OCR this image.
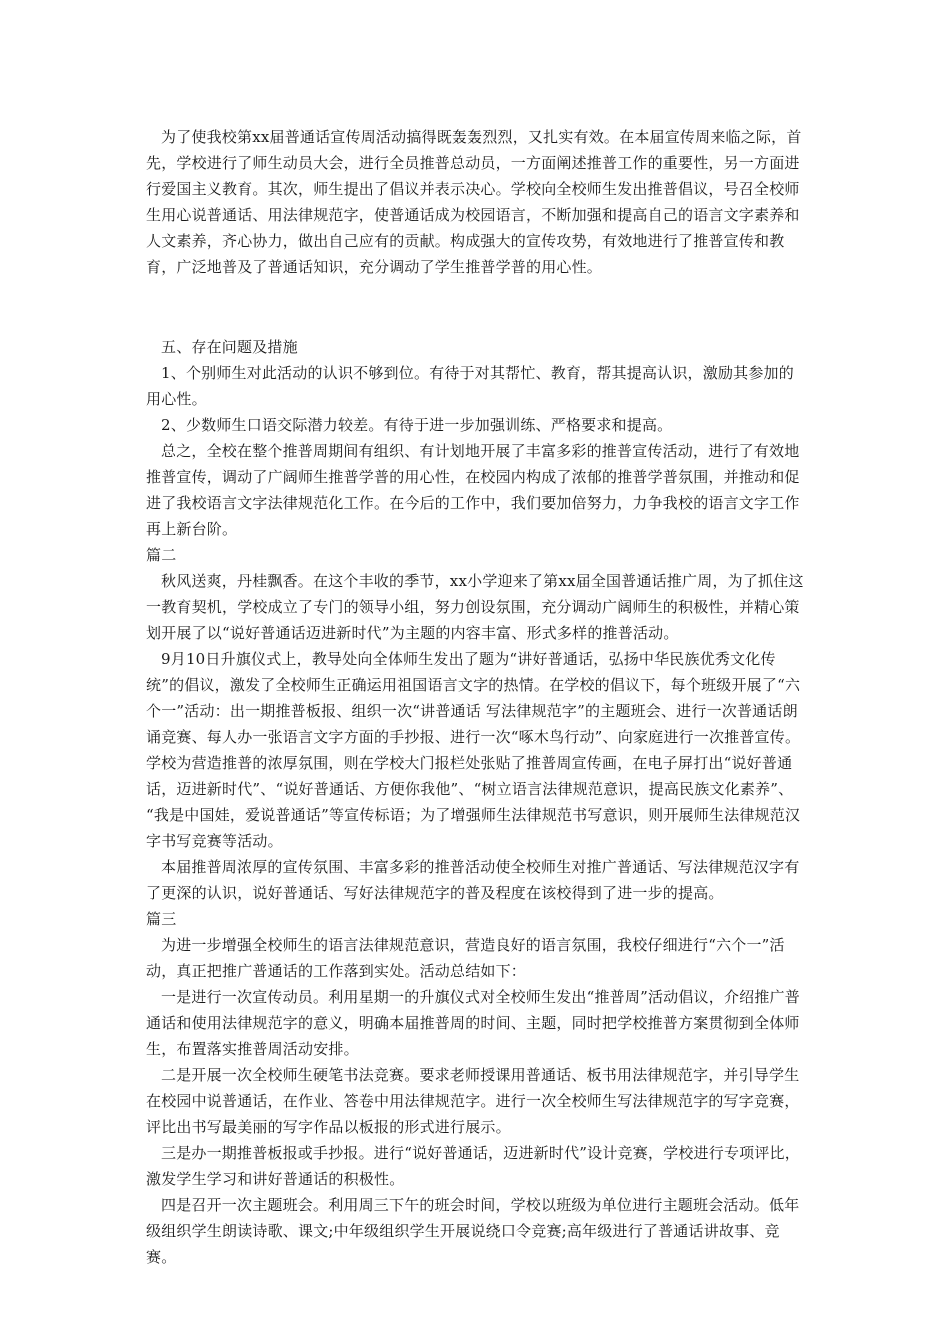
为了使我校第xx届普通话宣传周活动搞得既轰轰烈烈，又扎实有效。在本届宣传周来临之际，首先，学校进行了师生动员大会，进行全员推普总动员，一方面阐述推普工作的重要性，另一方面进行爱国主义教育。其次，师生提出了倡议并表示决心。学校向全校师生发出推普倡议，号召全校师生用心说普通话、用法律规范字，使普通话成为校园语言，不断加强和提高自己的语言文字素养和人文素养，齐心协力，做出自己应有的贡献。构成强大的宣传攻势，有效地进行了推普宣传和教育，广泛地普及了普通话知识，充分调动了学生推普学普的用心性。

五、存在问题及措施

1、个别师生对此活动的认识不够到位。有待于对其帮忙、教育，帮其提高认识，激励其参加的用心性。

2、少数师生口语交际潜力较差。有待于进一步加强训练、严格要求和提高。

总之，全校在整个推普周期间有组织、有计划地开展了丰富多彩的推普宣传活动，进行了有效地推普宣传，调动了广阔师生推普学普的用心性，在校园内构成了浓郁的推普学普氛围，并推动和促进了我校语言文字法律规范化工作。在今后的工作中，我们要加倍努力，力争我校的语言文字工作再上新台阶。

篇二

秋风送爽，丹桂飘香。在这个丰收的季节，xx小学迎来了第xx届全国普通话推广周，为了抓住这一教育契机，学校成立了专门的领导小组，努力创设氛围，充分调动广阔师生的积极性，并精心策划开展了以“说好普通话迈进新时代”为主题的内容丰富、形式多样的推普活动。

9月10日升旗仪式上，教导处向全体师生发出了题为“讲好普通话，弘扬中华民族优秀文化传统”的倡议，激发了全校师生正确运用祖国语言文字的热情。在学校的倡议下，每个班级开展了“六个一”活动：出一期推普板报、组织一次“讲普通话 写法律规范字”的主题班会、进行一次普通话朗诵竞赛、每人办一张语言文字方面的手抄报、进行一次“啄木鸟行动”、向家庭进行一次推普宣传。学校为营造推普的浓厚氛围，则在学校大门报栏处张贴了推普周宣传画，在电子屏打出“说好普通话，迈进新时代”、“说好普通话、方便你我他”、“树立语言法律规范意识，提高民族文化素养”、 “我是中国娃，爱说普通话”等宣传标语；为了增强师生法律规范书写意识，则开展师生法律规范汉字书写竞赛等活动。

本届推普周浓厚的宣传氛围、丰富多彩的推普活动使全校师生对推广普通话、写法律规范汉字有了更深的认识，说好普通话、写好法律规范字的普及程度在该校得到了进一步的提高。

篇三

为进一步增强全校师生的语言法律规范意识，营造良好的语言氛围，我校仔细进行“六个一”活动，真正把推广普通话的工作落到实处。活动总结如下：

一是进行一次宣传动员。利用星期一的升旗仪式对全校师生发出“推普周”活动倡议，介绍推广普通话和使用法律规范字的意义，明确本届推普周的时间、主题，同时把学校推普方案贯彻到全体师生，布置落实推普周活动安排。

二是开展一次全校师生硬笔书法竞赛。要求老师授课用普通话、板书用法律规范字，并引导学生在校园中说普通话，在作业、答卷中用法律规范字。进行一次全校师生写法律规范字的写字竞赛，评比出书写最美丽的写字作品以板报的形式进行展示。

三是办一期推普板报或手抄报。进行“说好普通话，迈进新时代”设计竞赛，学校进行专项评比，激发学生学习和讲好普通话的积极性。

四是召开一次主题班会。利用周三下午的班会时间，学校以班级为单位进行主题班会活动。低年级组织学生朗读诗歌、课文;中年级组织学生开展说绕口令竞赛;高年级进行了普通话讲故事、竞赛。
